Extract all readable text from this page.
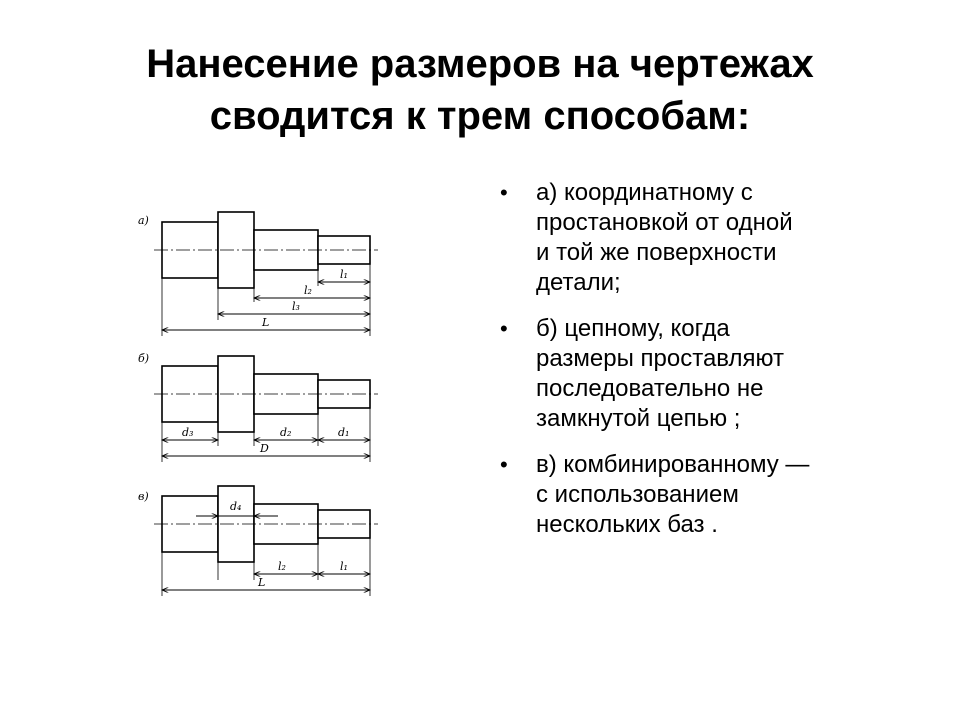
Нанесение размеров на чертежах
сводится к трем способам:
а)
l₁
l₂
l₃
L
б)
d₃	d₂	d₁
D
в)
d₄
l₂	l₁
L
• а) координатному с
простановкой от одной
и той же поверхности
детали;
• б) цепному, когда
размеры проставляют
последовательно не
замкнутой цепью ;
• в) комбинированному —
с использованием
нескольких баз .
